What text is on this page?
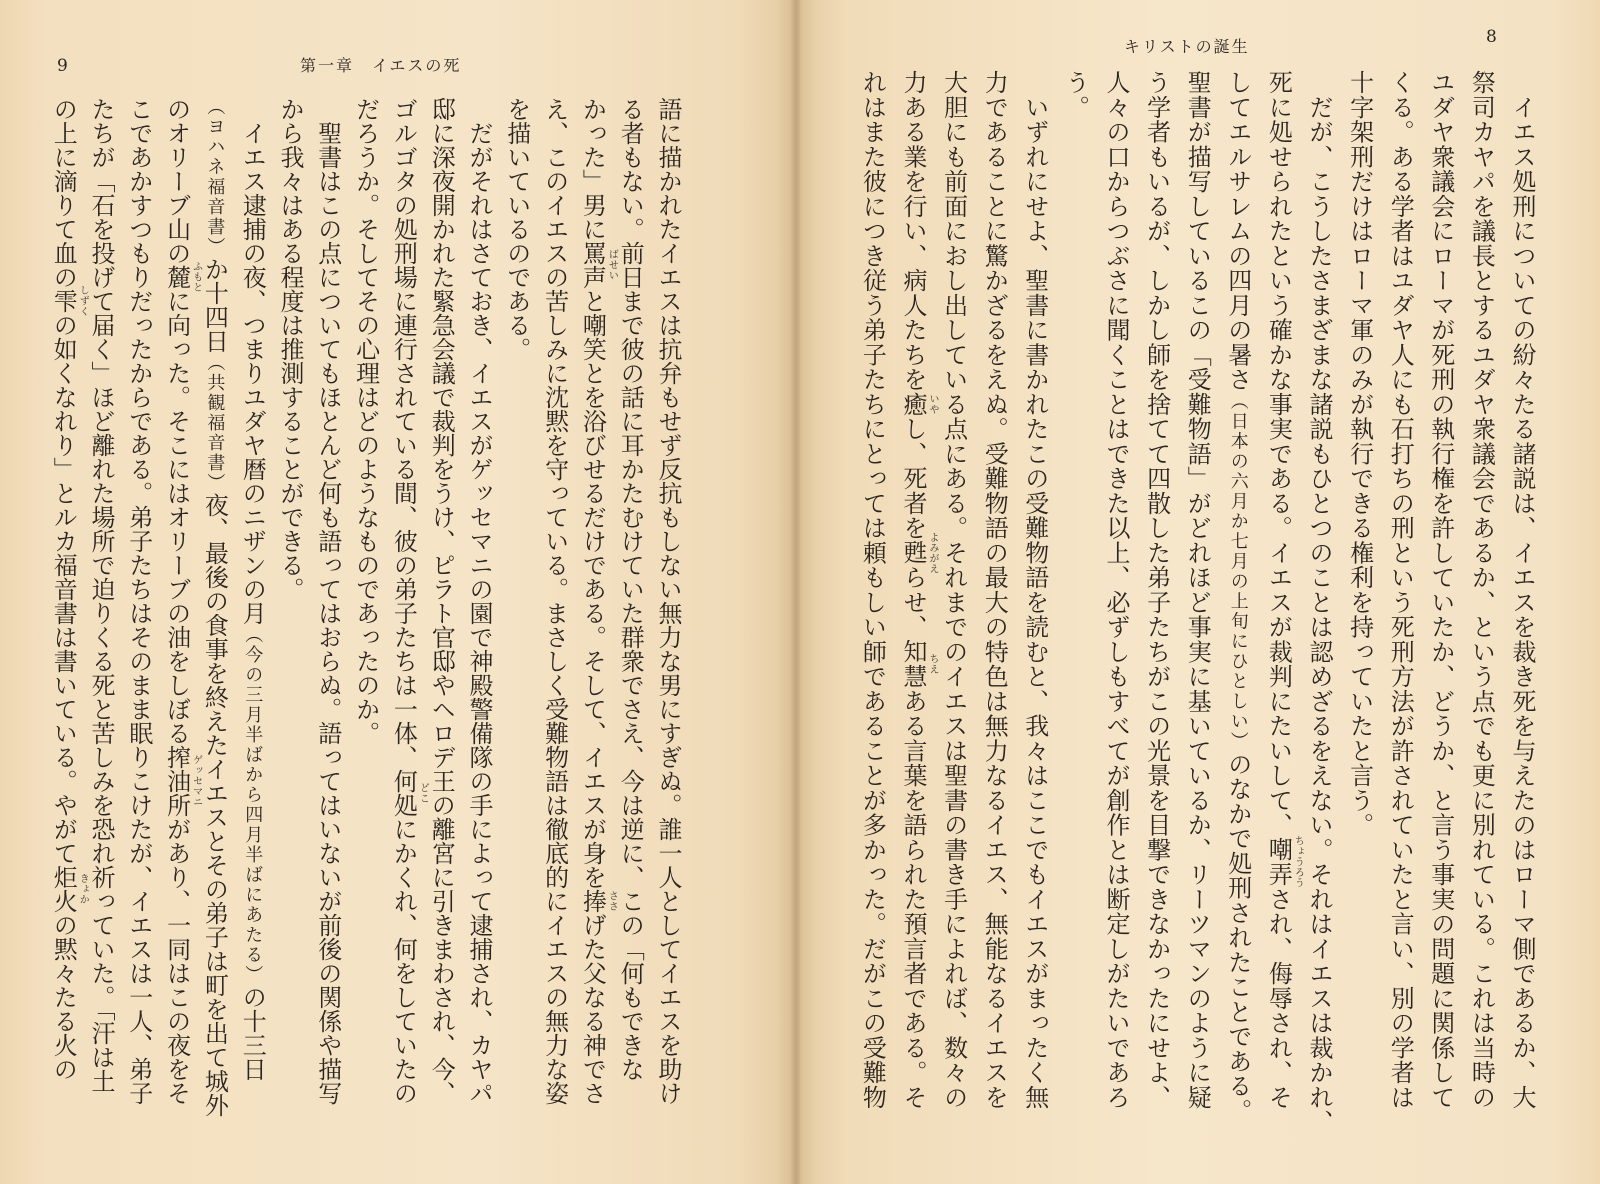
9	第一章　イエスの死
語に描かれたイエスは抗弁もせず反抗もしない無力な男にすぎぬ。誰一人としてイエスを助け
る者もない。前日まで彼の話に耳かたむけていた群衆でさえ、今は逆に、この「何もできな
かった」男に罵声 ばせい
と嘲笑とを浴びせるだけである。そして、イエスが身を捧 ささ
げた父なる神でさ
え、このイエスの苦しみに沈黙を守っている。まさしく受難物語は徹底的にイエスの無力な姿
を描いているのである。
　だがそれはさておき、イエスがゲッセマニの園で神殿警備隊の手によって逮捕され、カヤパ
邸に深夜開かれた緊急会議で裁判をうけ、ピラト官邸やヘロデ王の離宮に引きまわされ、今、
ゴルゴタの処刑場に連行されている間、彼の弟子たちは一体、何処 どこ
にかくれ、何をしていたの
だろうか。そしてその心理はどのようなものであったのか。
　聖書はこの点についてもほとんど何も語ってはおらぬ。語ってはいないが前後の関係や描写
から我々はある程度は推測することができる。
　イエス逮捕の夜、つまりユダヤ暦のニザンの月（今の三月半ばから四月半ばにあたる）の十三日
（ヨハネ福音書）か十四日（共観福音書）夜、最後の食事を終えたイエスとその弟子は町を出て城外
のオリーブ山の麓 ふもと
に向った。そこにはオリーブの油をしぼる搾油所 ゲッセマニ
があり、一同はこの夜をそ
こであかすつもりだったからである。弟子たちはそのまま眠りこけたが、イエスは一人、弟子
たちが「石を投げて届く」ほど離れた場所で迫りくる死と苦しみを恐れ祈っていた。「汗は土
の上に滴りて血の雫 しずく
の如くなれり」とルカ福音書は書いている。やがて炬火 きょか
の黙々たる火の
8
キリストの誕生
　イエス処刑についての紛々たる諸説は、イエスを裁き死を与えたのはローマ側であるか、大
祭司カヤパを議長とするユダヤ衆議会であるか、という点でも更に別れている。これは当時の
ユダヤ衆議会にローマが死刑の執行権を許していたか、どうか、と言う事実の問題に関係して
くる。ある学者はユダヤ人にも石打ちの刑という死刑方法が許されていたと言い、別の学者は
十字架刑だけはローマ軍のみが執行できる権利を持っていたと言う。
　だが、こうしたさまざまな諸説もひとつのことは認めざるをえない。それはイエスは裁かれ、
死に処せられたという確かな事実である。イエスが裁判にたいして、嘲弄 ちょうろう
され、侮辱され、そ
してエルサレムの四月の暑さ（日本の六月か七月の上旬にひとしい）のなかで処刑されたことである。
聖書が描写しているこの「受難物語」がどれほど事実に基いているか、リーツマンのように疑
う学者もいるが、しかし師を捨てて四散した弟子たちがこの光景を目撃できなかったにせよ、
人々の口からつぶさに聞くことはできた以上、必ずしもすべてが創作とは断定しがたいであろ
う。
　いずれにせよ、聖書に書かれたこの受難物語を読むと、我々はここでもイエスがまったく無
力であることに驚かざるをえぬ。受難物語の最大の特色は無力なるイエス、無能なるイエスを
大胆にも前面におし出している点にある。それまでのイエスは聖書の書き手によれば、数々の
力ある業を行い、病人たちを癒 いや
し、死者を甦 よみがえ
らせ、知慧 ちえ
ある言葉を語られた預言者である。そ
れはまた彼につき従う弟子たちにとっては頼もしい師であることが多かった。だがこの受難物
